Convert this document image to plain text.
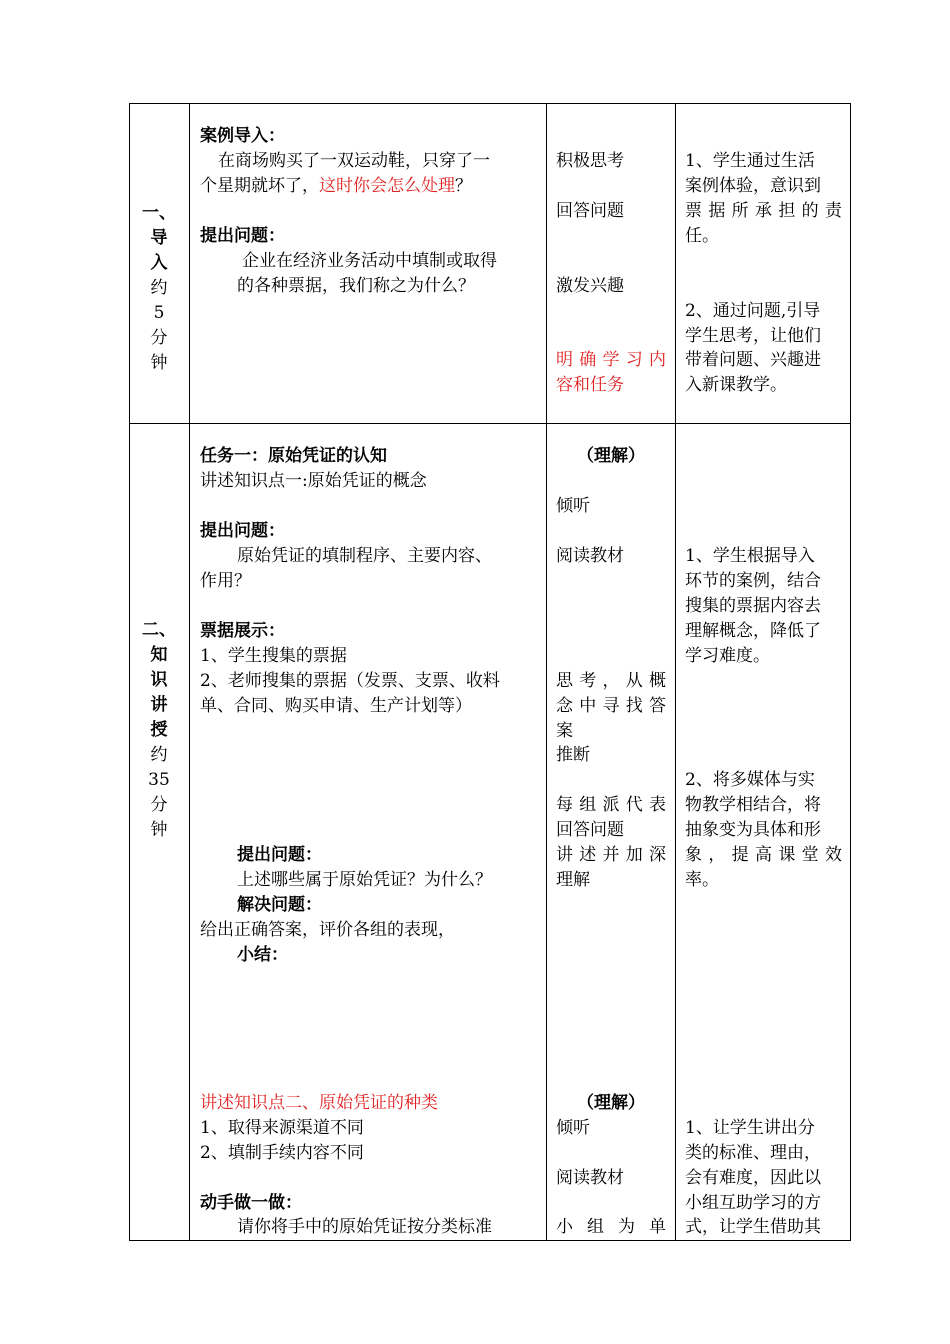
一、
导
入
约
5
分
钟
案例导入：
在商场购买了一双运动鞋，只穿了一
个星期就坏了，这时你会怎么处理？
提出问题：
企业在经济业务活动中填制或取得
的各种票据，我们称之为什么？
积极思考
回答问题
激发兴趣
明确学习内
容和任务
1、学生通过生活
案例体验，意识到
票据所承担的责
任。
2、通过问题,引导
学生思考，让他们
带着问题、兴趣进
入新课教学。
二、
知
识
讲
授
约
35
分
钟
任务一：原始凭证的认知
讲述知识点一:原始凭证的概念
提出问题：
原始凭证的填制程序、主要内容、
作用？
票据展示：
1、学生搜集的票据
2、老师搜集的票据（发票、支票、收料
单、合同、购买申请、生产计划等）
提出问题：
上述哪些属于原始凭证？为什么？
解决问题：
给出正确答案，评价各组的表现，
小结：
讲述知识点二、原始凭证的种类
1、取得来源渠道不同
2、填制手续内容不同
动手做一做：
请你将手中的原始凭证按分类标准
（理解）
倾听
阅读教材
思考，从概
念中寻找答
案
推断
每组派代表
回答问题
讲述并加深
理解
（理解）
倾听
阅读教材
小组为单
1、学生根据导入
环节的案例，结合
搜集的票据内容去
理解概念，降低了
学习难度。
2、将多媒体与实
物教学相结合，将
抽象变为具体和形
象，提高课堂效
率。
1、让学生讲出分
类的标准、理由，
会有难度，因此以
小组互助学习的方
式，让学生借助其
